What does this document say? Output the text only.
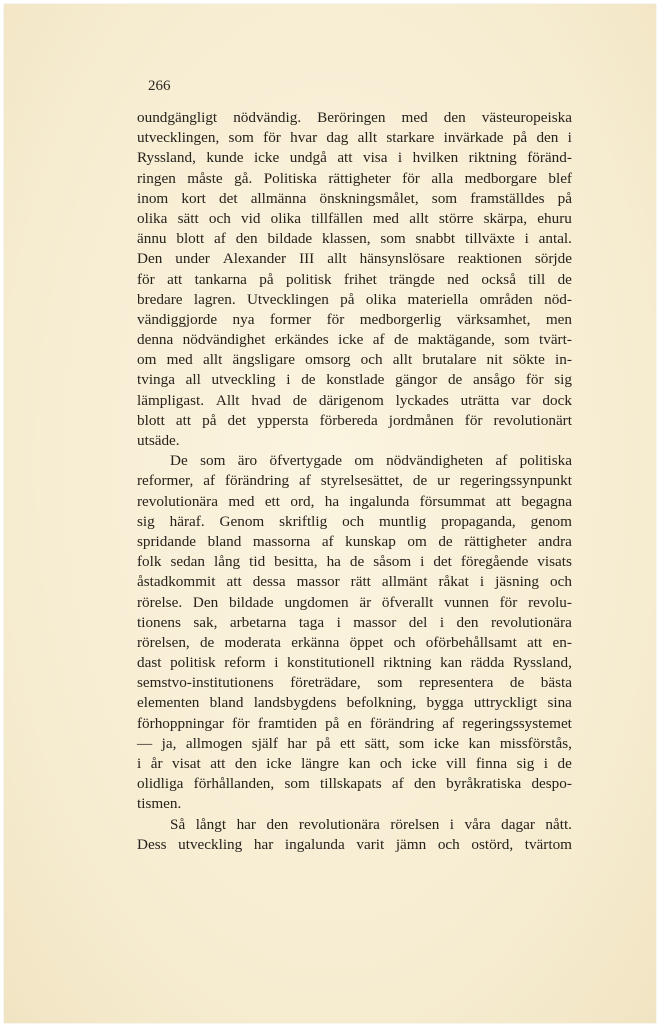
266
oundgängligt nödvändig. Beröringen med den västeuropeiska
utvecklingen, som för hvar dag allt starkare invärkade på den i
Ryssland, kunde icke undgå att visa i hvilken riktning föränd-
ringen måste gå. Politiska rättigheter för alla medborgare blef
inom kort det allmänna önskningsmålet, som framställdes på
olika sätt och vid olika tillfällen med allt större skärpa, ehuru
ännu blott af den bildade klassen, som snabbt tillväxte i antal.
Den under Alexander III allt hänsynslösare reaktionen sörjde
för att tankarna på politisk frihet trängde ned också till de
bredare lagren. Utvecklingen på olika materiella områden nöd-
vändiggjorde nya former för medborgerlig värksamhet, men
denna nödvändighet erkändes icke af de maktägande, som tvärt-
om med allt ängsligare omsorg och allt brutalare nit sökte in-
tvinga all utveckling i de konstlade gängor de ansågo för sig
lämpligast. Allt hvad de därigenom lyckades uträtta var dock
blott att på det yppersta förbereda jordmånen för revolutionärt
utsäde.
De som äro öfvertygade om nödvändigheten af politiska
reformer, af förändring af styrelsesättet, de ur regeringssynpunkt
revolutionära med ett ord, ha ingalunda försummat att begagna
sig häraf. Genom skriftlig och muntlig propaganda, genom
spridande bland massorna af kunskap om de rättigheter andra
folk sedan lång tid besitta, ha de såsom i det föregående visats
åstadkommit att dessa massor rätt allmänt råkat i jäsning och
rörelse. Den bildade ungdomen är öfverallt vunnen för revolu-
tionens sak, arbetarna taga i massor del i den revolutionära
rörelsen, de moderata erkänna öppet och oförbehållsamt att en-
dast politisk reform i konstitutionell riktning kan rädda Ryssland,
semstvo-institutionens företrädare, som representera de bästa
elementen bland landsbygdens befolkning, bygga uttryckligt sina
förhoppningar för framtiden på en förändring af regeringssystemet
— ja, allmogen själf har på ett sätt, som icke kan missförstås,
i år visat att den icke längre kan och icke vill finna sig i de
olidliga förhållanden, som tillskapats af den byråkratiska despo-
tismen.
Så långt har den revolutionära rörelsen i våra dagar nått.
Dess utveckling har ingalunda varit jämn och ostörd, tvärtom
